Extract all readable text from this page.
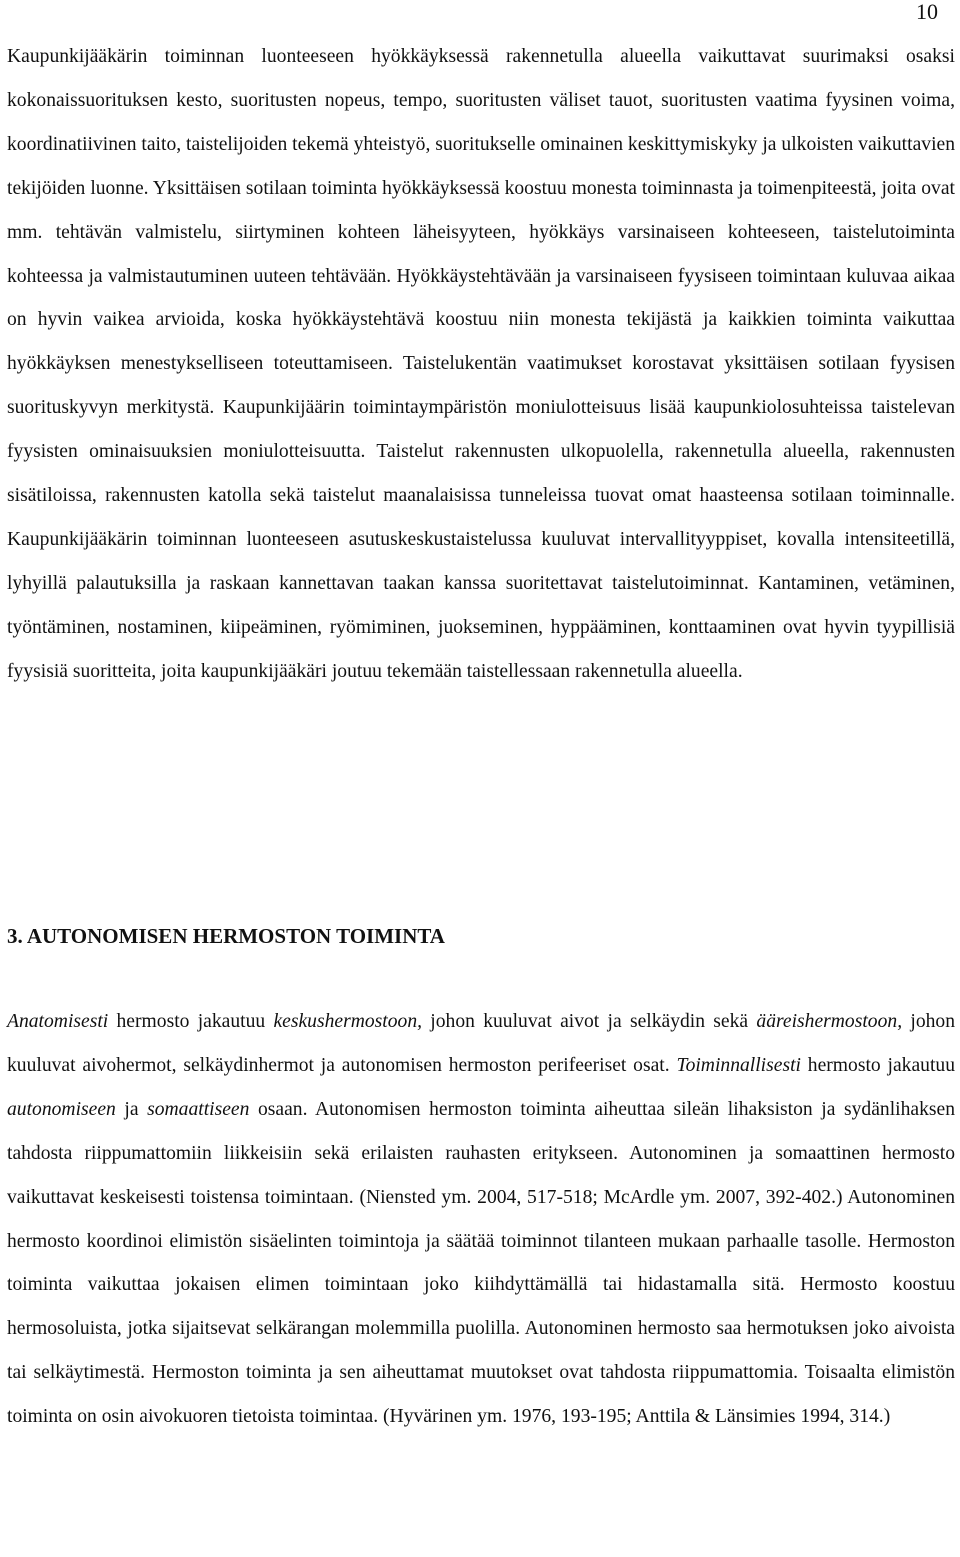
10

Kaupunkijääkärin toiminnan luonteeseen hyökkäyksessä rakennetulla alueella vaikuttavat suurimaksi osaksi kokonaissuorituksen kesto, suoritusten nopeus, tempo, suoritusten väliset tauot, suoritusten vaatima fyysinen voima, koordinatiivinen taito, taistelijoiden tekemä yhteistyö, suoritukselle ominainen keskittymiskyky ja ulkoisten vaikuttavien tekijöiden luonne. Yksittäisen sotilaan toiminta hyökkäyksessä koostuu monesta toiminnasta ja toimenpiteestä, joita ovat mm. tehtävän valmistelu, siirtyminen kohteen läheisyyteen, hyökkäys varsinaiseen kohteeseen, taistelutoiminta kohteessa ja valmistautuminen uuteen tehtävään. Hyökkäystehtävään ja varsinaiseen fyysiseen toimintaan kuluvaa aikaa on hyvin vaikea arvioida, koska hyökkäystehtävä koostuu niin monesta tekijästä ja kaikkien toiminta vaikuttaa hyökkäyksen menestykselliseen toteuttamiseen. Taistelukentän vaatimukset korostavat yksittäisen sotilaan fyysisen suorituskyvyn merkitystä. Kaupunkijäärin toimintaympäristön moniulotteisuus lisää kaupunkiolosuhteissa taistelevan fyysisten ominaisuuksien moniulotteisuutta. Taistelut rakennusten ulkopuolella, rakennetulla alueella, rakennusten sisätiloissa, rakennusten katolla sekä taistelut maanalaisissa tunneleissa tuovat omat haasteensa sotilaan toiminnalle. Kaupunkijääkärin toiminnan luonteeseen asutuskeskustaistelussa kuuluvat intervallityyppiset, kovalla intensiteetillä, lyhyillä palautuksilla ja raskaan kannettavan taakan kanssa suoritettavat taistelutoiminnat. Kantaminen, vetäminen, työntäminen, nostaminen, kiipeäminen, ryömiminen, juokseminen, hyppääminen, konttaaminen ovat hyvin tyypillisiä fyysisiä suoritteita, joita kaupunkijääkäri joutuu tekemään taistellessaan rakennetulla alueella.

3. AUTONOMISEN HERMOSTON TOIMINTA

Anatomisesti hermosto jakautuu keskushermostoon, johon kuuluvat aivot ja selkäydin sekä ääreishermostoon, johon kuuluvat aivohermot, selkäydinhermot ja autonomisen hermoston perifeeriset osat. Toiminnallisesti hermosto jakautuu autonomiseen ja somaattiseen osaan. Autonomisen hermoston toiminta aiheuttaa sileän lihaksiston ja sydänlihaksen tahdosta riippumattomiin liikkeisiin sekä erilaisten rauhasten eritykseen. Autonominen ja somaattinen hermosto vaikuttavat keskeisesti toistensa toimintaan. (Niensted ym. 2004, 517-518; McArdle ym. 2007, 392-402.) Autonominen hermosto koordinoi elimistön sisäelinten toimintoja ja säätää toiminnot tilanteen mukaan parhaalle tasolle. Hermoston toiminta vaikuttaa jokaisen elimen toimintaan joko kiihdyttämällä tai hidastamalla sitä. Hermosto koostuu hermosoluista, jotka sijaitsevat selkärangan molemmilla puolilla. Autonominen hermosto saa hermotuksen joko aivoista tai selkäytimestä. Hermoston toiminta ja sen aiheuttamat muutokset ovat tahdosta riippumattomia. Toisaalta elimistön toiminta on osin aivokuoren tietoista toimintaa. (Hyvärinen ym. 1976, 193-195; Anttila & Länsimies 1994, 314.)
